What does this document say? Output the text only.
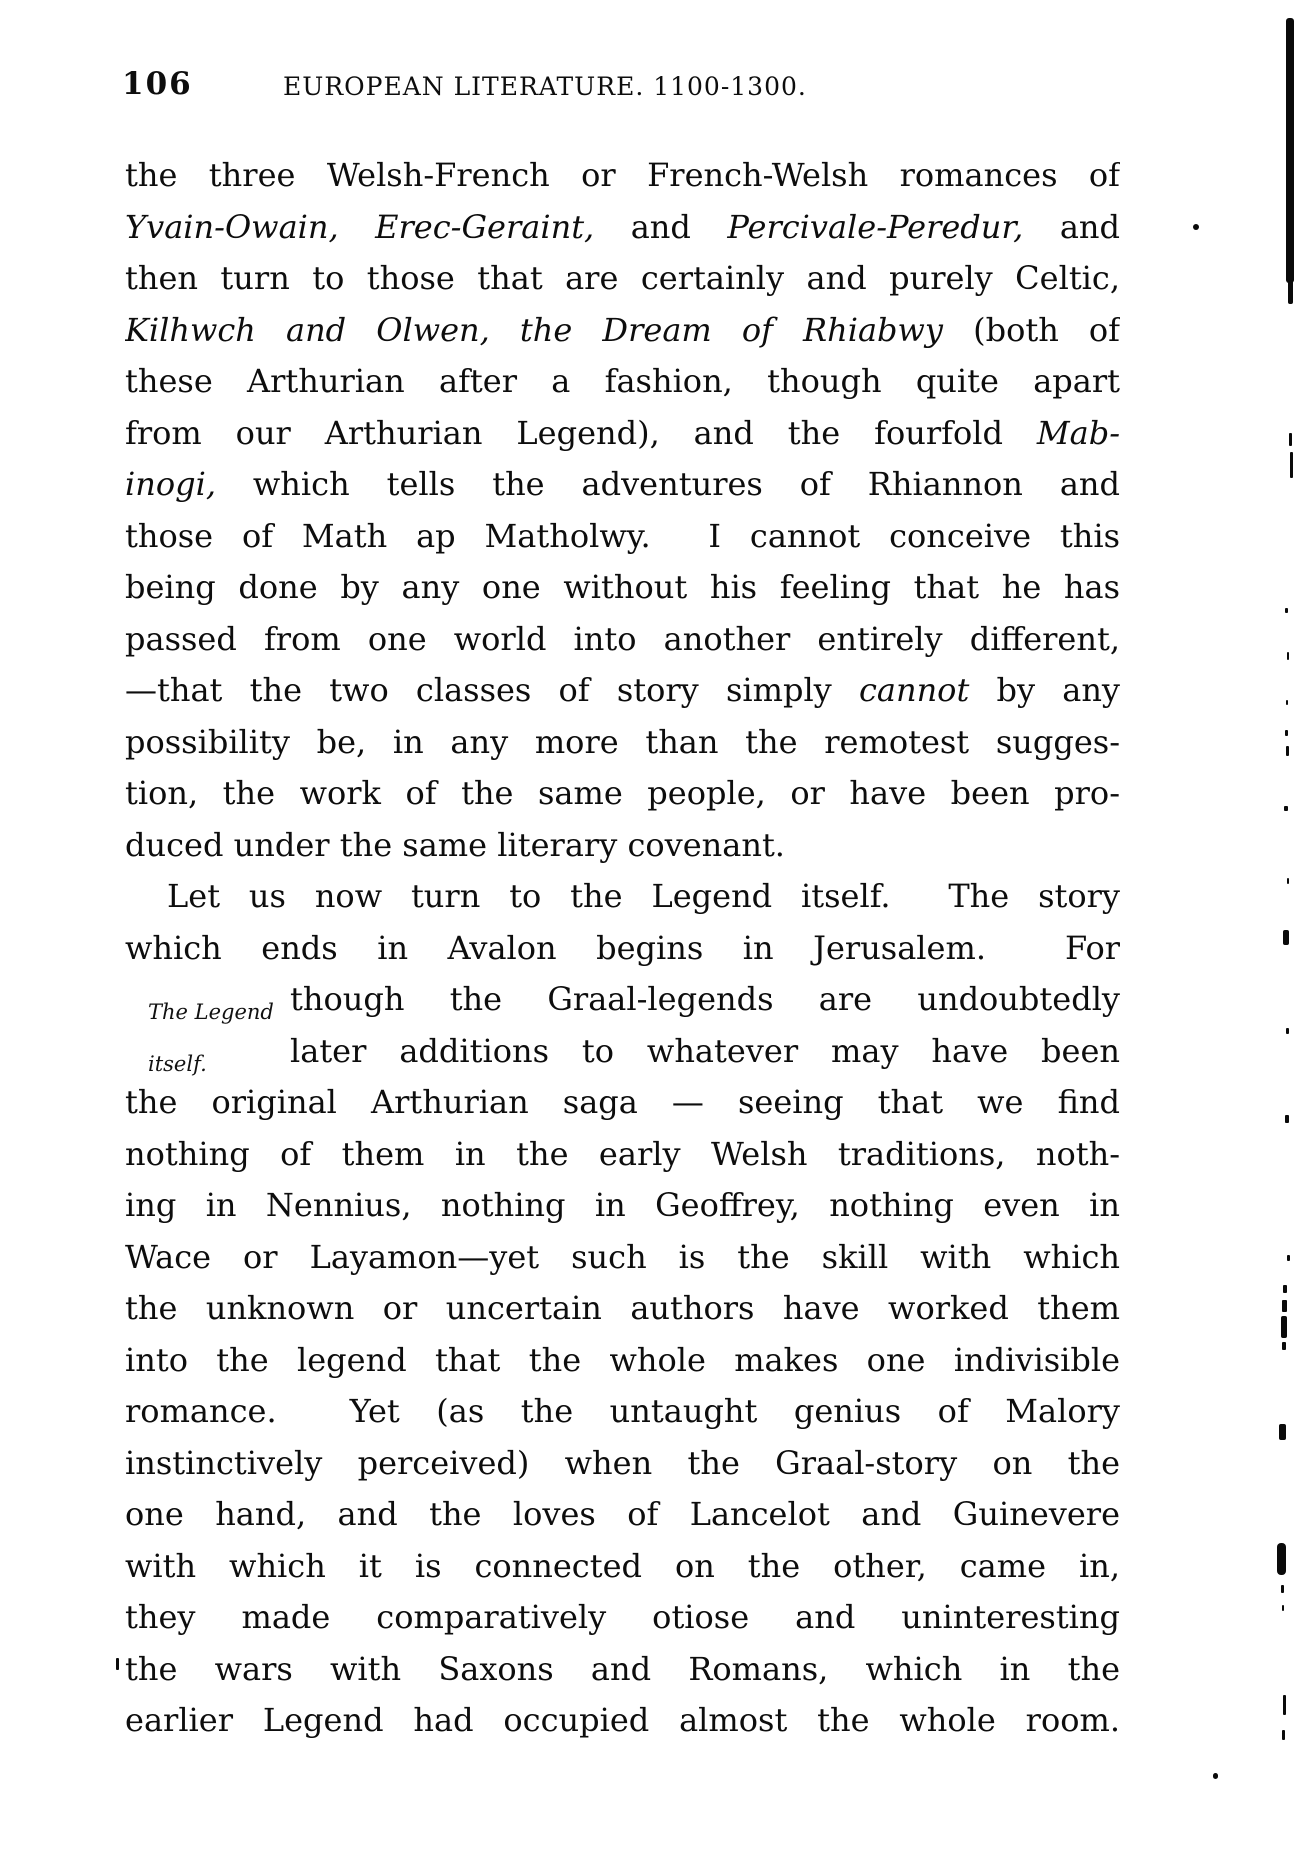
106	EUROPEAN LITERATURE. 1100-1300.
The Legend
itself.
the three Welsh-French or French-Welsh romances of
Yvain-Owain, Erec-Geraint, and Percivale-Peredur, and
then turn to those that are certainly and purely Celtic,
Kilhwch and Olwen, the Dream of Rhiabwy (both of
these Arthurian after a fashion, though quite apart
from our Arthurian Legend), and the fourfold Mab-
inogi, which tells the adventures of Rhiannon and
those of Math ap Matholwy.  I cannot conceive this
being done by any one without his feeling that he has
passed from one world into another entirely different,
—that the two classes of story simply cannot by any
possibility be, in any more than the remotest sugges-
tion, the work of the same people, or have been pro-
duced under the same literary covenant.
Let us now turn to the Legend itself.  The story
which ends in Avalon begins in Jerusalem.  For
though the Graal-legends are undoubtedly
later additions to whatever may have been
the original Arthurian saga — seeing that we find
nothing of them in the early Welsh traditions, noth-
ing in Nennius, nothing in Geoffrey, nothing even in
Wace or Layamon—yet such is the skill with which
the unknown or uncertain authors have worked them
into the legend that the whole makes one indivisible
romance.  Yet (as the untaught genius of Malory
instinctively perceived) when the Graal-story on the
one hand, and the loves of Lancelot and Guinevere
with which it is connected on the other, came in,
they made comparatively otiose and uninteresting
the wars with Saxons and Romans, which in the
earlier Legend had occupied almost the whole room.
